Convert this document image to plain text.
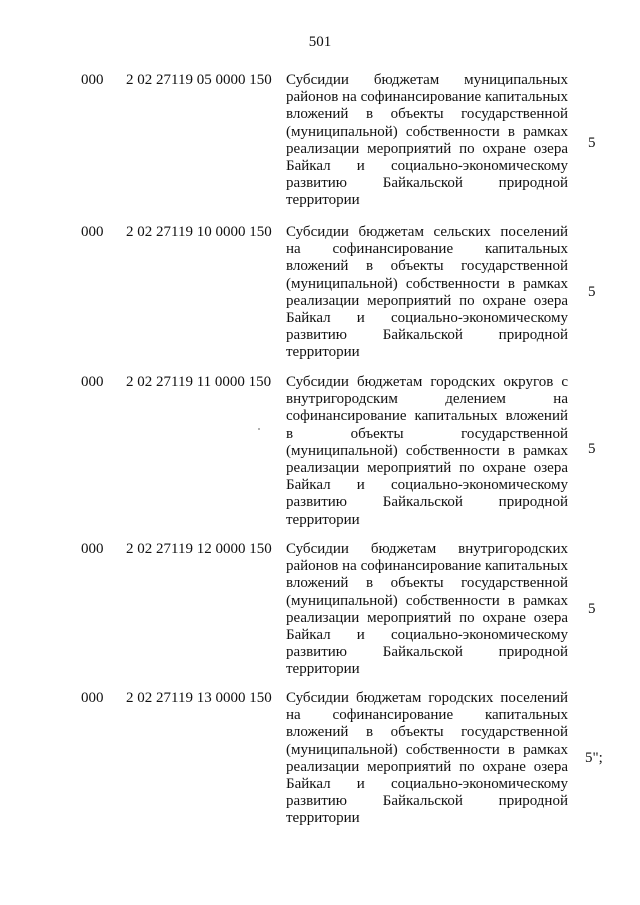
501
000 2 02 27119 05 0000 150 Субсидии бюджетам муниципальных районов на софинансирование капитальных вложений в объекты государственной (муниципальной) собственности в рамках реализации мероприятий по охране озера Байкал и социально-экономическому развитию Байкальской природной территории
5
000 2 02 27119 10 0000 150 Субсидии бюджетам сельских поселений на софинансирование капитальных вложений в объекты государственной (муниципальной) собственности в рамках реализации мероприятий по охране озера Байкал и социально-экономическому развитию Байкальской природной территории
5
000 2 02 27119 11 0000 150 Субсидии бюджетам городских округов с внутригородским делением на софинансирование капитальных вложений в объекты государственной (муниципальной) собственности в рамках реализации мероприятий по охране озера Байкал и социально-экономическому развитию Байкальской природной территории
5
000 2 02 27119 12 0000 150 Субсидии бюджетам внутригородских районов на софинансирование капитальных вложений в объекты государственной (муниципальной) собственности в рамках реализации мероприятий по охране озера Байкал и социально-экономическому развитию Байкальской природной территории
5
000 2 02 27119 13 0000 150 Субсидии бюджетам городских поселений на софинансирование капитальных вложений в объекты государственной (муниципальной) собственности в рамках реализации мероприятий по охране озера Байкал и социально-экономическому развитию Байкальской природной территории
5";
